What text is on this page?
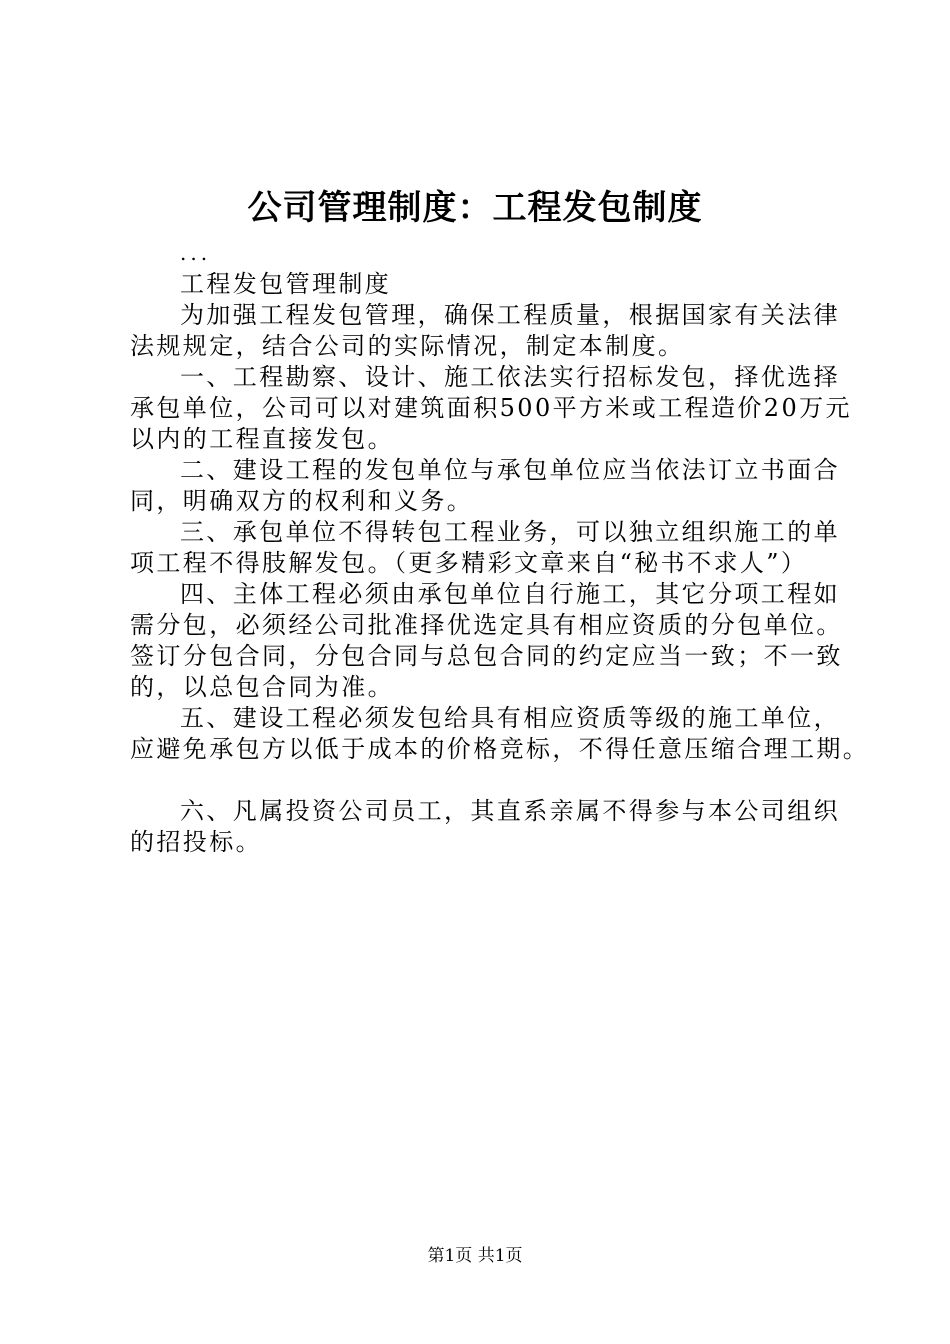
公司管理制度：工程发包制度
...
工程发包管理制度
为加强工程发包管理，确保工程质量，根据国家有关法律
法规规定，结合公司的实际情况，制定本制度。
一、工程勘察、设计、施工依法实行招标发包，择优选择
承包单位，公司可以对建筑面积500平方米或工程造价20万元
以内的工程直接发包。
二、建设工程的发包单位与承包单位应当依法订立书面合
同，明确双方的权利和义务。
三、承包单位不得转包工程业务，可以独立组织施工的单
项工程不得肢解发包。（更多精彩文章来自“秘书不求人”）
四、主体工程必须由承包单位自行施工，其它分项工程如
需分包，必须经公司批准择优选定具有相应资质的分包单位。
签订分包合同，分包合同与总包合同的约定应当一致；不一致
的，以总包合同为准。
五、建设工程必须发包给具有相应资质等级的施工单位，
应避免承包方以低于成本的价格竞标，不得任意压缩合理工期。
六、凡属投资公司员工，其直系亲属不得参与本公司组织
的招投标。
第1页 共1页
